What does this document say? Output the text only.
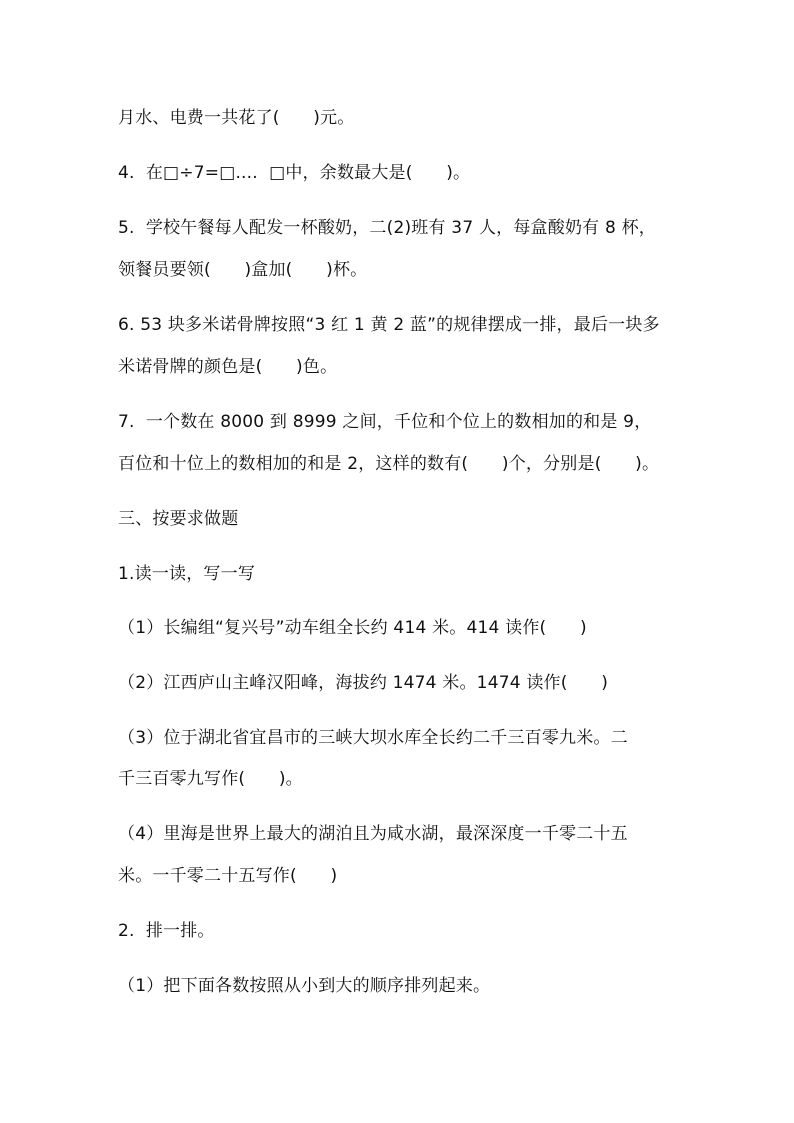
月水、电费一共花了(      )元。
4.  在□÷7=□....  □中，余数最大是(      )。
5.  学校午餐每人配发一杯酸奶，二(2)班有 37 人，每盒酸奶有 8 杯，
领餐员要领(      )盒加(      )杯。
6. 53 块多米诺骨牌按照“3 红 1 黄 2 蓝”的规律摆成一排，最后一块多
米诺骨牌的颜色是(      )色。
7.  一个数在 8000 到 8999 之间，千位和个位上的数相加的和是 9，
百位和十位上的数相加的和是 2，这样的数有(      )个，分别是(      )。
三、按要求做题
1.读一读，写一写
（1）长编组“复兴号”动车组全长约 414 米。414 读作(      )
（2）江西庐山主峰汉阳峰，海拔约 1474 米。1474 读作(      )
（3）位于湖北省宜昌市的三峡大坝水库全长约二千三百零九米。二
千三百零九写作(      )。
（4）里海是世界上最大的湖泊且为咸水湖，最深深度一千零二十五
米。一千零二十五写作(      )
2.  排一排。
（1）把下面各数按照从小到大的顺序排列起来。
